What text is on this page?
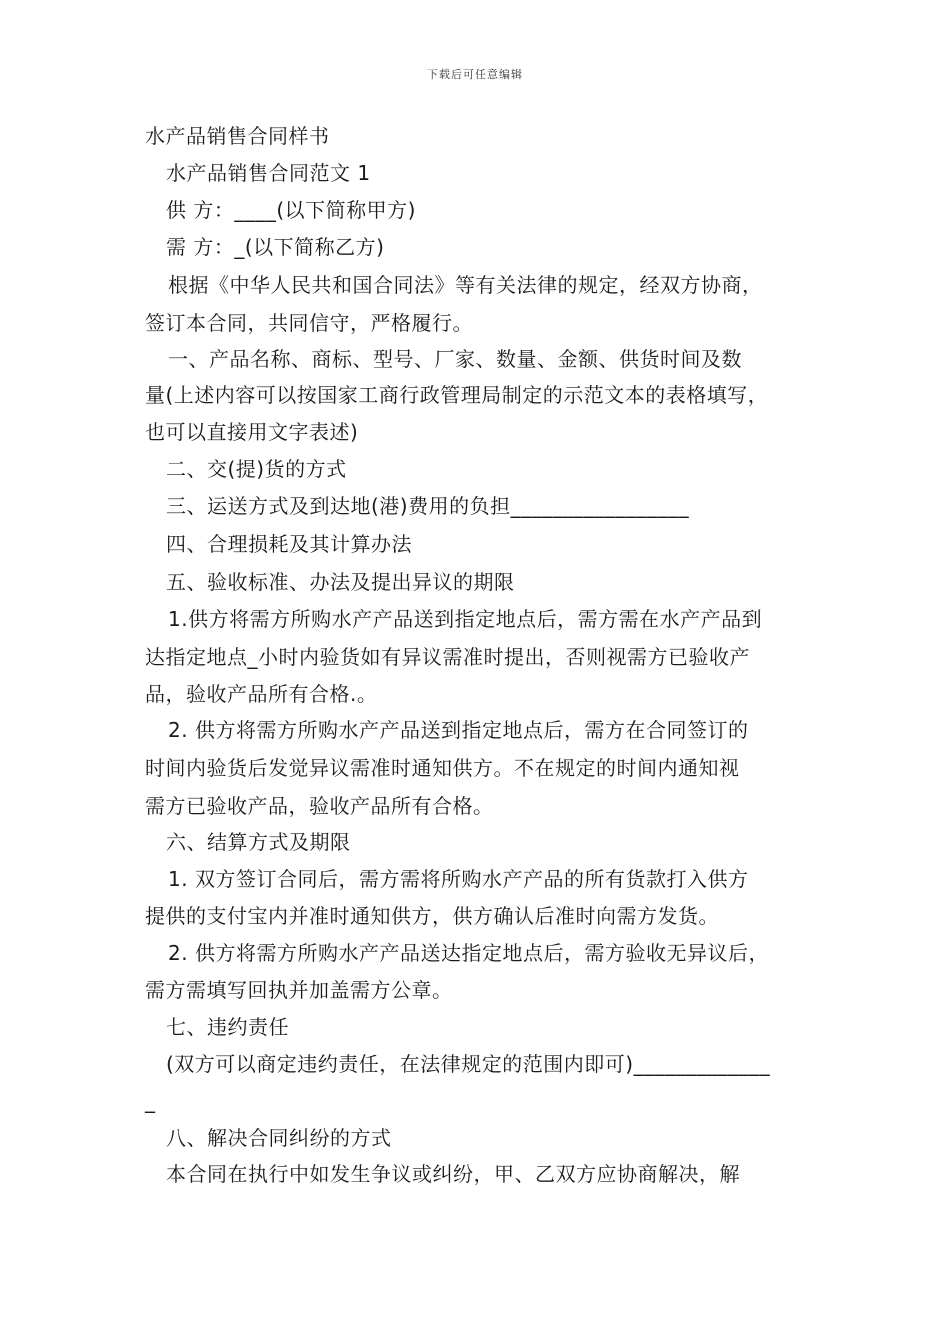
下载后可任意编辑
水产品销售合同样书
水产品销售合同范文 1
供 方：____(以下简称甲方)
需 方：_(以下简称乙方)
根据《中华人民共和国合同法》等有关法律的规定，经双方协商，
签订本合同，共同信守，严格履行。
一、产品名称、商标、型号、厂家、数量、金额、供货时间及数
量(上述内容可以按国家工商行政管理局制定的示范文本的表格填写，
也可以直接用文字表述)
二、交(提)货的方式
三、运送方式及到达地(港)费用的负担_________________
四、合理损耗及其计算办法
五、验收标准、办法及提出异议的期限
1.供方将需方所购水产产品送到指定地点后，需方需在水产产品到
达指定地点_小时内验货如有异议需准时提出，否则视需方已验收产
品，验收产品所有合格.。
2. 供方将需方所购水产产品送到指定地点后，需方在合同签订的
时间内验货后发觉异议需准时通知供方。不在规定的时间内通知视
需方已验收产品，验收产品所有合格。
六、结算方式及期限
1. 双方签订合同后，需方需将所购水产产品的所有货款打入供方
提供的支付宝内并准时通知供方，供方确认后准时向需方发货。
2. 供方将需方所购水产产品送达指定地点后，需方验收无异议后，
需方需填写回执并加盖需方公章。
七、违约责任
(双方可以商定违约责任，在法律规定的范围内即可)_____________
_
八、解决合同纠纷的方式
本合同在执行中如发生争议或纠纷，甲、乙双方应协商解决，解
